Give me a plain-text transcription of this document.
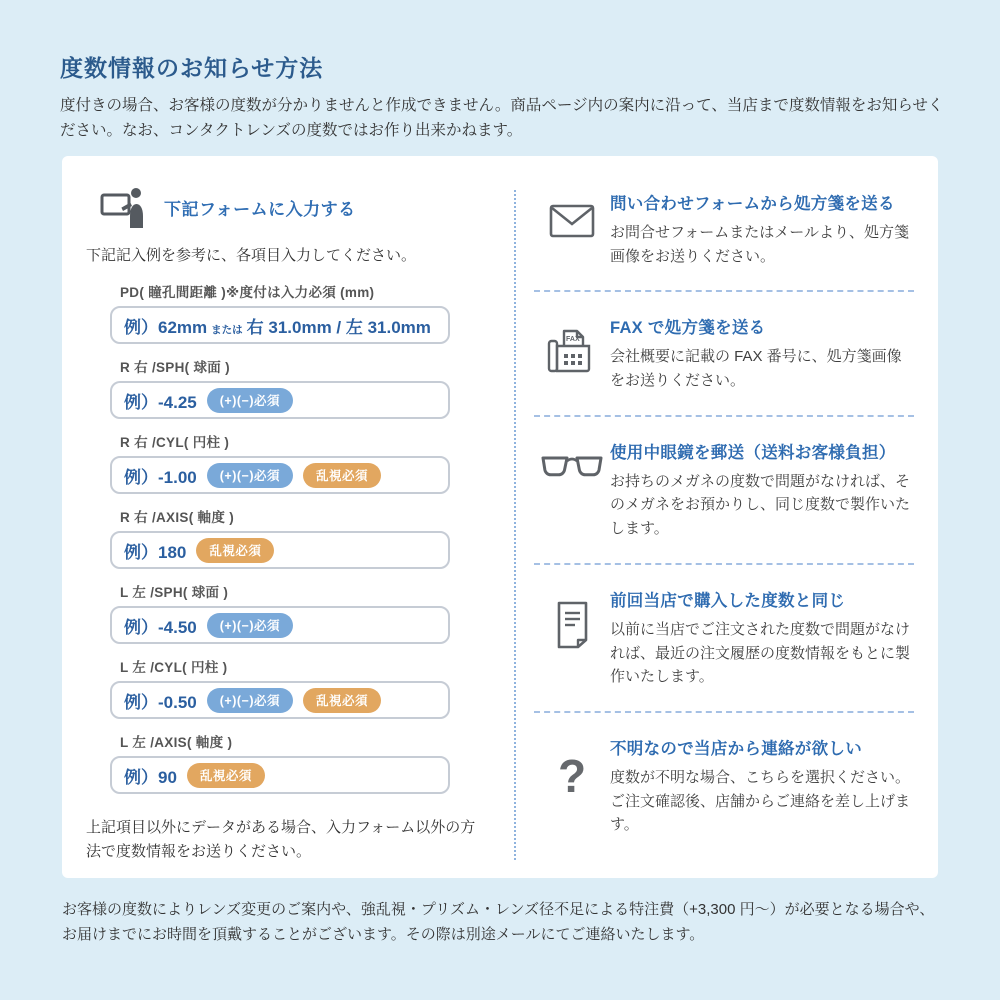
度数情報のお知らせ方法

度付きの場合、お客様の度数が分かりませんと作成できません。商品ページ内の案内に沿って、当店まで度数情報をお知らせください。なお、コンタクトレンズの度数ではお作り出来かねます。

下記フォームに入力する

下記記入例を参考に、各項目入力してください。

PD( 瞳孔間距離 )※度付は入力必須 (mm)
例）62mm または 右 31.0mm / 左 31.0mm
R 右 /SPH( 球面 )
例）-4.25	(+)(−)必須
R 右 /CYL( 円柱 )
例）-1.00	(+)(−)必須	乱視必須
R 右 /AXIS( 軸度 )
例）180	乱視必須
L 左 /SPH( 球面 )
例）-4.50	(+)(−)必須
L 左 /CYL( 円柱 )
例）-0.50	(+)(−)必須	乱視必須
L 左 /AXIS( 軸度 )
例）90	乱視必須

上記項目以外にデータがある場合、入力フォーム以外の方法で度数情報をお送りください。

問い合わせフォームから処方箋を送る
お問合せフォームまたはメールより、処方箋画像をお送りください。
FAX
FAX で処方箋を送る
会社概要に記載の FAX 番号に、処方箋画像をお送りください。
使用中眼鏡を郵送（送料お客様負担）
お持ちのメガネの度数で問題がなければ、そのメガネをお預かりし、同じ度数で製作いたします。
前回当店で購入した度数と同じ
以前に当店でご注文された度数で問題がなければ、最近の注文履歴の度数情報をもとに製作いたします。
?
不明なので当店から連絡が欲しい
度数が不明な場合、こちらを選択ください。ご注文確認後、店舗からご連絡を差し上げます。

お客様の度数によりレンズ変更のご案内や、強乱視・プリズム・レンズ径不足による特注費（+3,300 円〜）が必要となる場合や、お届けまでにお時間を頂戴することがございます。その際は別途メールにてご連絡いたします。
